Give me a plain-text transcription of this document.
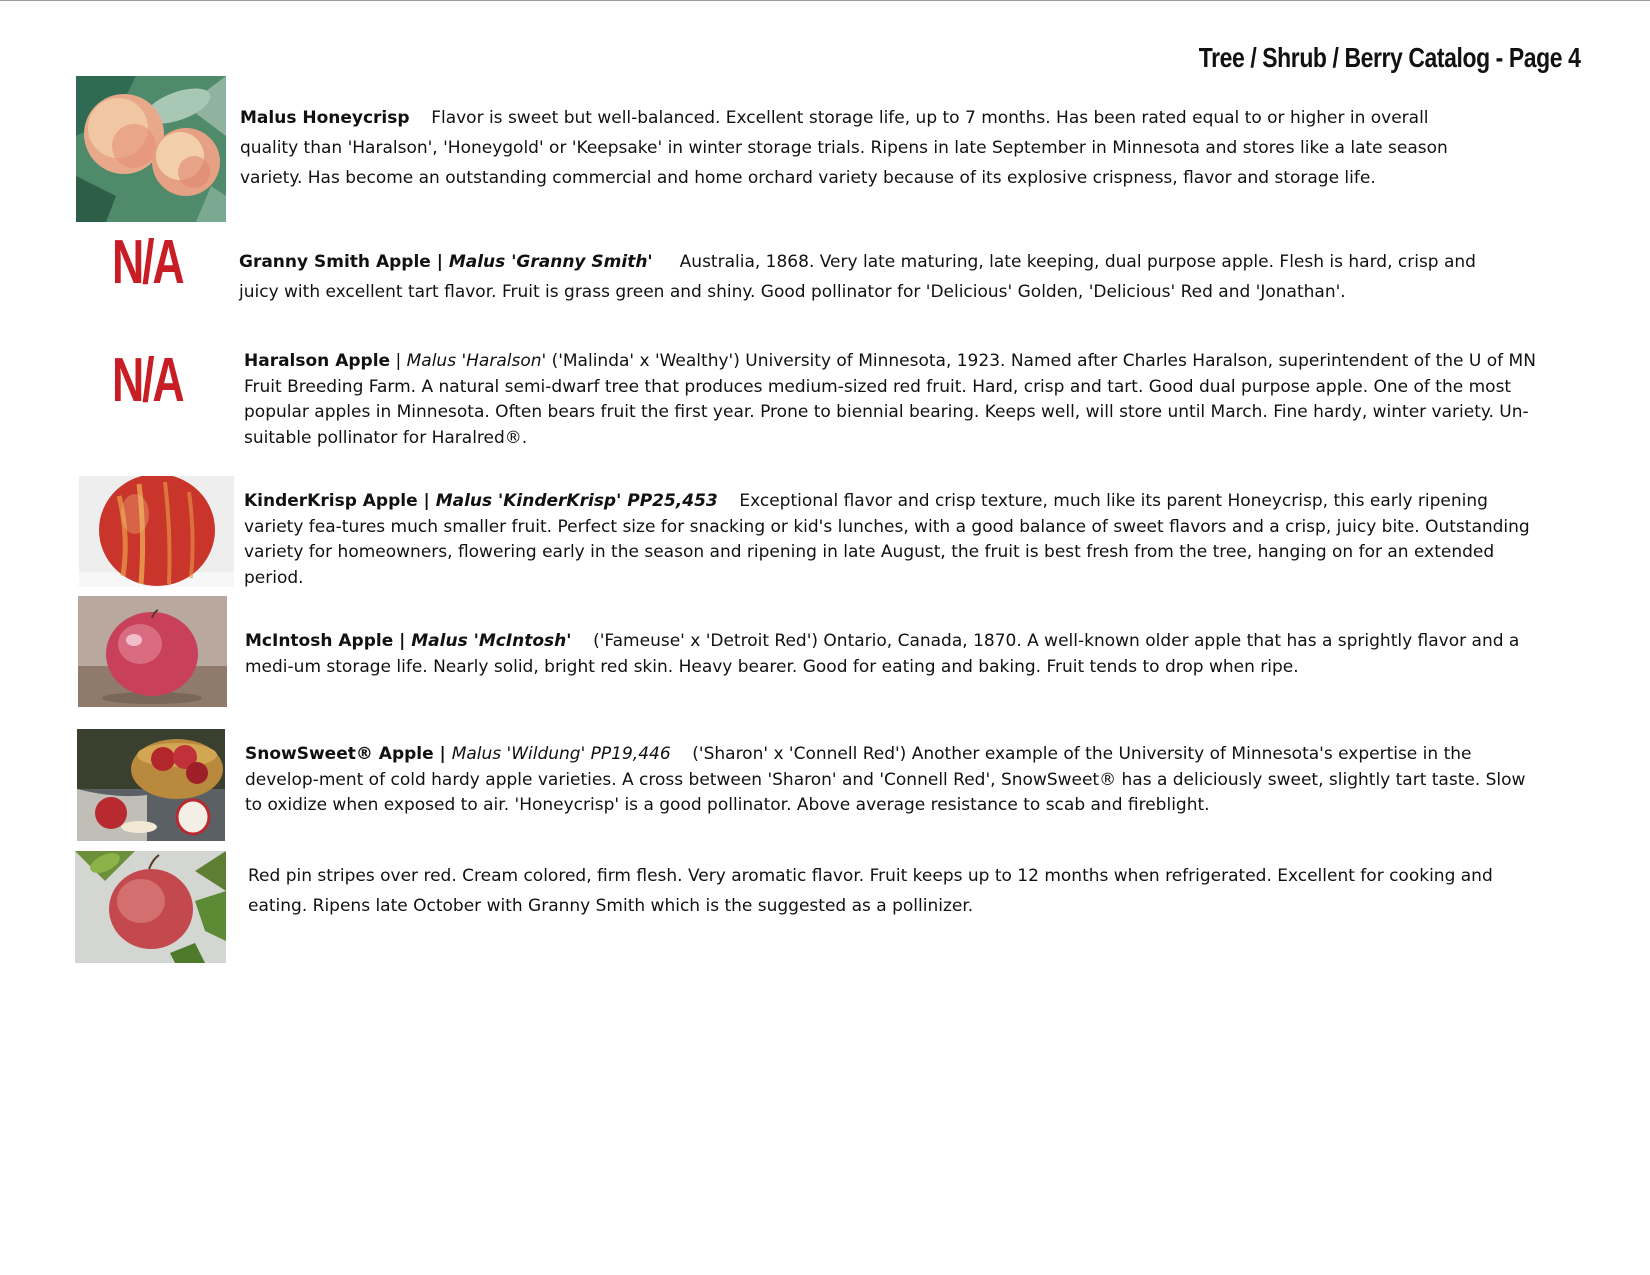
Tree / Shrub / Berry Catalog - Page 4
Malus Honeycrisp Flavor is sweet but well-balanced. Excellent storage life, up to 7 months. Has been rated equal to or higher in overall quality than 'Haralson', 'Honeygold' or 'Keepsake' in winter storage trials. Ripens in late September in Minnesota and stores like a late season variety. Has become an outstanding commercial and home orchard variety because of its explosive crispness, flavor and storage life.
N/A	Granny Smith Apple | Malus 'Granny Smith' Australia, 1868. Very late maturing, late keeping, dual purpose apple. Flesh is hard, crisp and juicy with excellent tart flavor. Fruit is grass green and shiny. Good pollinator for 'Delicious' Golden, 'Delicious' Red and 'Jonathan'.
N/A	Haralson Apple | Malus 'Haralson' ('Malinda' x 'Wealthy') University of Minnesota, 1923. Named after Charles Haralson, superintendent of the U of MN Fruit Breeding Farm. A natural semi-dwarf tree that produces medium-sized red fruit. Hard, crisp and tart. Good dual purpose apple. One of the most popular apples in Minnesota. Often bears fruit the first year. Prone to biennial bearing. Keeps well, will store until March. Fine hardy, winter variety. Un-suitable pollinator for Haralred®.
KinderKrisp Apple | Malus 'KinderKrisp' PP25,453 Exceptional flavor and crisp texture, much like its parent Honeycrisp, this early ripening variety fea-tures much smaller fruit. Perfect size for snacking or kid's lunches, with a good balance of sweet flavors and a crisp, juicy bite. Outstanding variety for homeowners, flowering early in the season and ripening in late August, the fruit is best fresh from the tree, hanging on for an extended period.
McIntosh Apple | Malus 'McIntosh' ('Fameuse' x 'Detroit Red') Ontario, Canada, 1870. A well-known older apple that has a sprightly flavor and a medi-um storage life. Nearly solid, bright red skin. Heavy bearer. Good for eating and baking. Fruit tends to drop when ripe.
SnowSweet® Apple | Malus 'Wildung' PP19,446 ('Sharon' x 'Connell Red') Another example of the University of Minnesota's expertise in the develop-ment of cold hardy apple varieties. A cross between 'Sharon' and 'Connell Red', SnowSweet® has a deliciously sweet, slightly tart taste. Slow to oxidize when exposed to air. 'Honeycrisp' is a good pollinator. Above average resistance to scab and fireblight.
Red pin stripes over red. Cream colored, firm flesh. Very aromatic flavor. Fruit keeps up to 12 months when refrigerated. Excellent for cooking and eating. Ripens late October with Granny Smith which is the suggested as a pollinizer.
